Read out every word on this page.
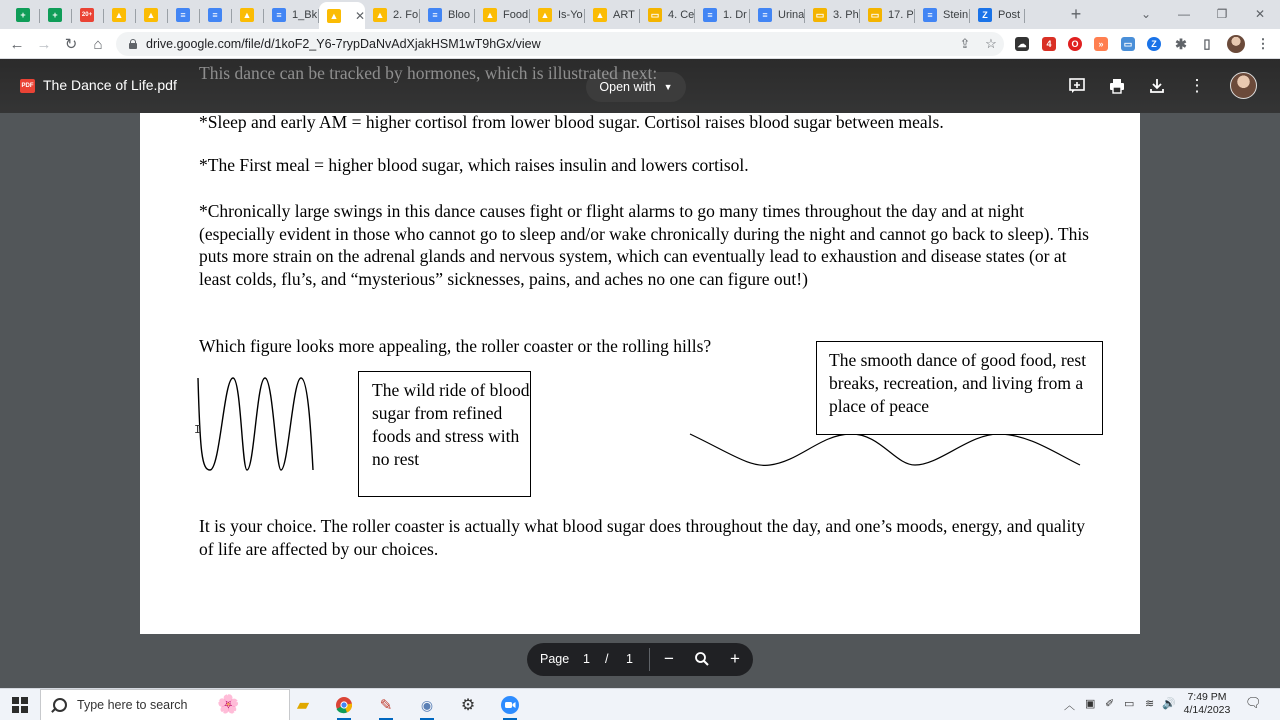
+	+	20+ ▲	▲	≡	≡	▲	≡ 1_Bk ▲ ✕ ▲ 2. Fo	≡ Bloo ▲ Food ▲ Is-Yo ▲ ART	▭ 4. Ce	≡ 1. Dr	≡ Urina	▭ 3. Ph	▭ 17. P	≡ Stein	Z Post	+	⌄	—	❐	✕
← → ↻	⌂	drive.google.com/file/d/1koF2_Y6-7rypDaNvAdXjakHSM1wT9hGx/view	⇪	☆	☁	4	O	»	▭	Z	✱ ▯	⋮
PDF The Dance of Life.pdf	Open with ▼	⋮

*Sleep and early AM = higher cortisol from lower blood sugar. Cortisol raises blood sugar between meals.

*The First meal = higher blood sugar, which raises insulin and lowers cortisol.

*Chronically large swings in this dance causes fight or flight alarms to go many times throughout the day and at night (especially evident in those who cannot go to sleep and/or wake chronically during the night and cannot go back to sleep). This puts more strain on the adrenal glands and nervous system, which can eventually lead to exhaustion and disease states (or at least colds, flu’s, and “mysterious” sicknesses, pains, and aches no one can figure out!)

Which figure looks more appealing, the roller coaster or the rolling hills?

The wild ride of blood sugar from refined foods and stress with no rest
The smooth dance of good food, rest breaks, recreation, and living from a place of peace

It is your choice. The roller coaster is actually what blood sugar does throughout the day, and one’s moods, energy, and quality of life are affected by our choices.

I
This dance can be tracked by hormones, which is illustrated next:
Page 1 / 1 −	+
Type here to search 🌸	▰	✎	◉	⚙	︿ ▣ ✐ ▭ ≋ 🔊
7:49 PM
4/14/2023 🗨
